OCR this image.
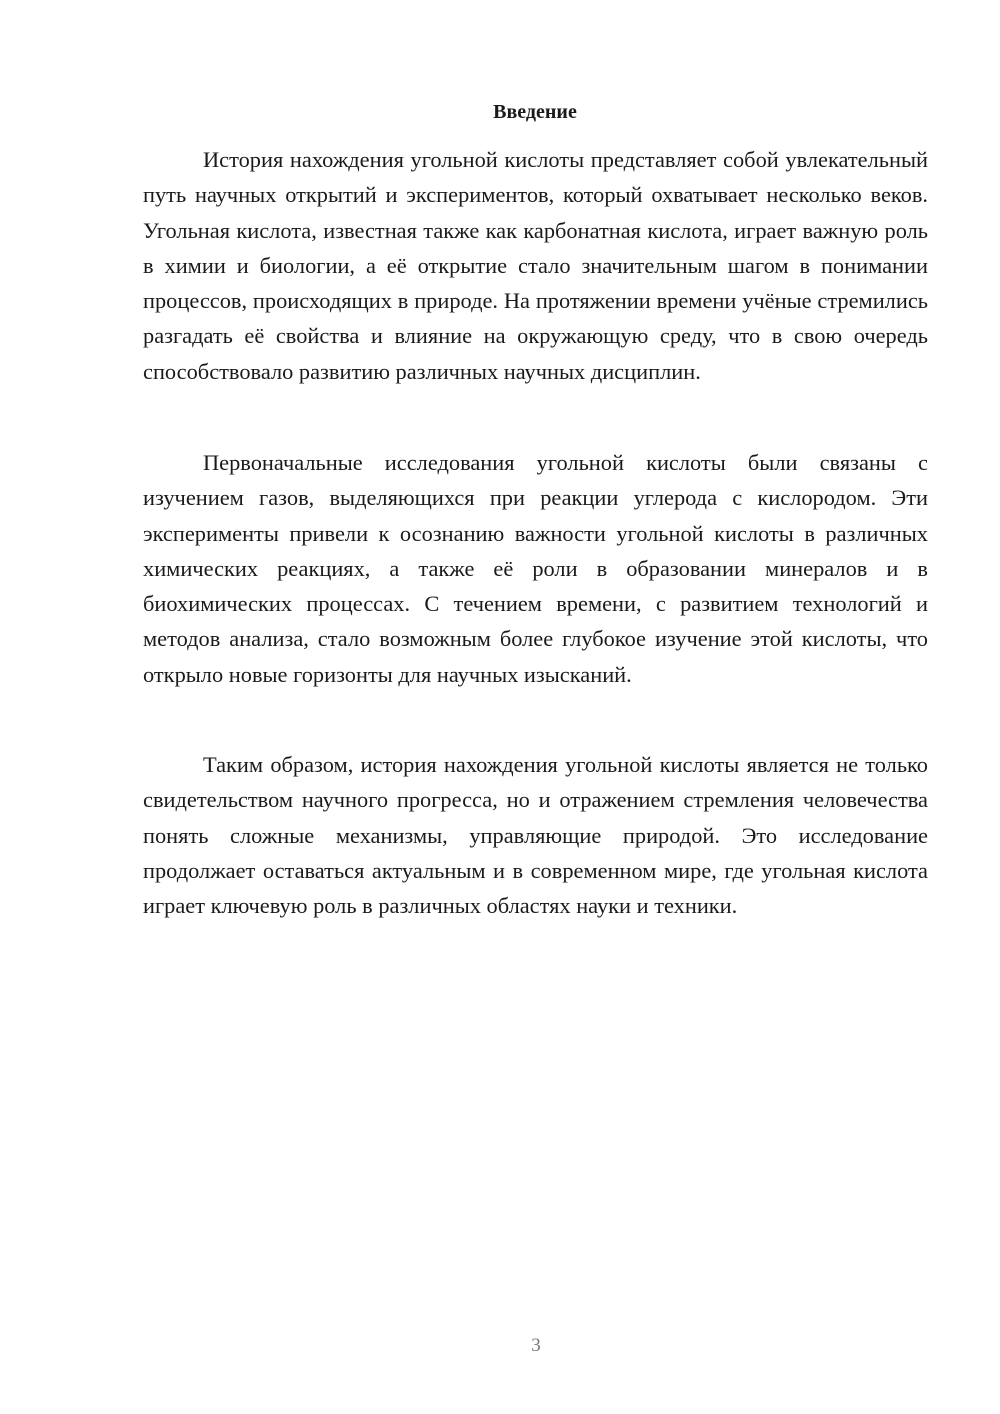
Введение

История нахождения угольной кислоты представляет собой увлекательный путь научных открытий и экспериментов, который охватывает несколько веков. Угольная кислота, известная также как карбонатная кислота, играет важную роль в химии и биологии, а её открытие стало значительным шагом в понимании процессов, происходящих в природе. На протяжении времени учёные стремились разгадать её свойства и влияние на окружающую среду, что в свою очередь способствовало развитию различных научных дисциплин.

Первоначальные исследования угольной кислоты были связаны с изучением газов, выделяющихся при реакции углерода с кислородом. Эти эксперименты привели к осознанию важности угольной кислоты в различных химических реакциях, а также её роли в образовании минералов и в биохимических процессах. С течением времени, с развитием технологий и методов анализа, стало возможным более глубокое изучение этой кислоты, что открыло новые горизонты для научных изысканий.

Таким образом, история нахождения угольной кислоты является не только свидетельством научного прогресса, но и отражением стремления человечества понять сложные механизмы, управляющие природой. Это исследование продолжает оставаться актуальным и в современном мире, где угольная кислота играет ключевую роль в различных областях науки и техники.

3
